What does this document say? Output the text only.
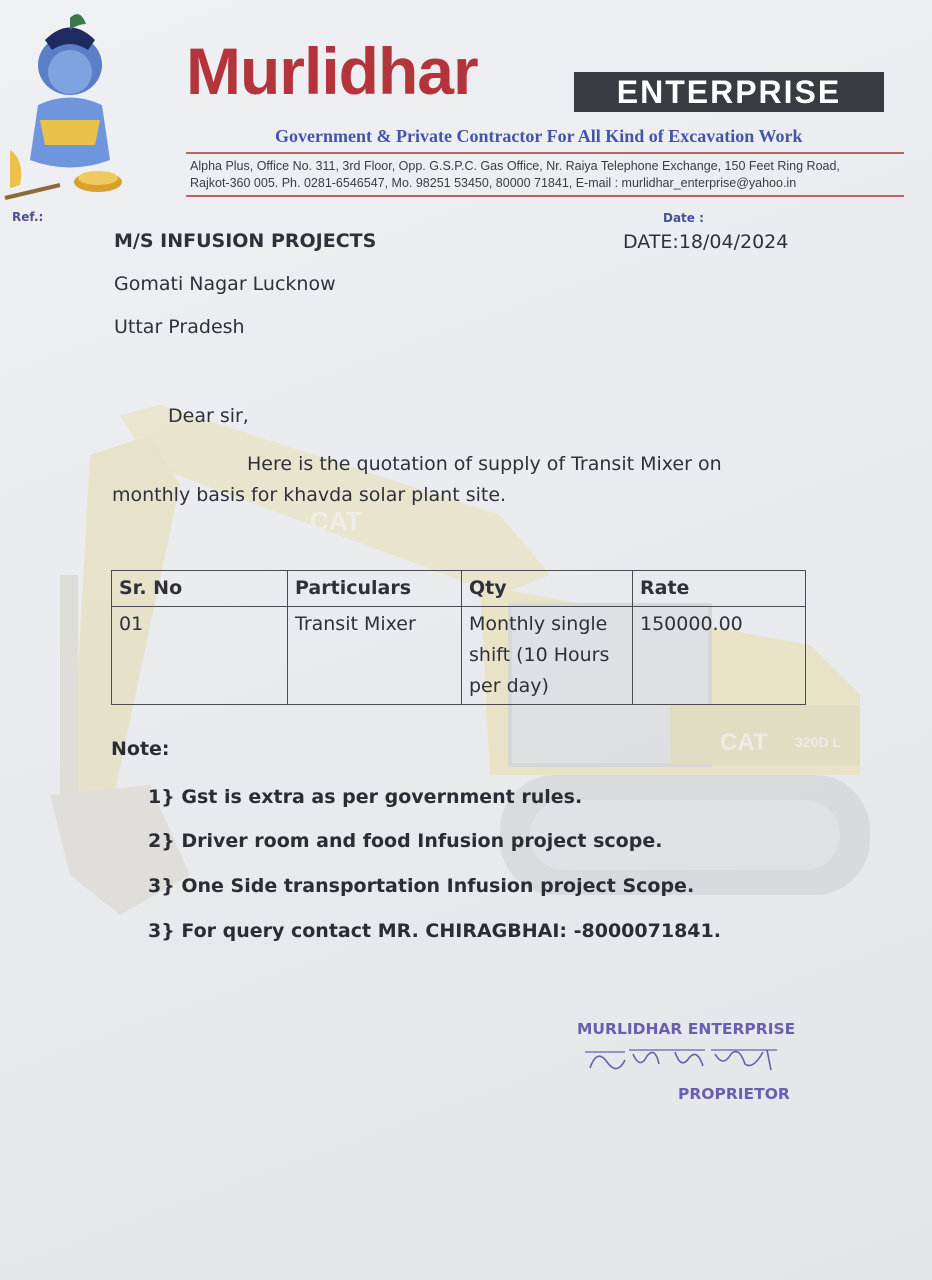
CAT
CAT 320D L
Murlidhar	ENTERPRISE
Government & Private Contractor For All Kind of Excavation Work
Alpha Plus, Office No. 311, 3rd Floor, Opp. G.S.P.C. Gas Office, Nr. Raiya Telephone Exchange, 150 Feet Ring Road,
Rajkot-360 005. Ph. 0281-6546547, Mo. 98251 53450, 80000 71841, E-mail : murlidhar_enterprise@yahoo.in
Ref.:	Date :
M/S INFUSION PROJECTS	DATE:18/04/2024
Gomati Nagar Lucknow
Uttar Pradesh
Dear sir,
Here is the quotation of supply of Transit Mixer on
monthly basis for khavda solar plant site.
Sr. No	Particulars	Qty	Rate
01	Transit Mixer	Monthly single shift (10 Hours per day)	150000.00
Note:
1} Gst is extra as per government rules.
2} Driver room and food Infusion project scope.
3} One Side transportation Infusion project Scope.
3} For query contact MR. CHIRAGBHAI: -8000071841.
MURLIDHAR ENTERPRISE
PROPRIETOR
